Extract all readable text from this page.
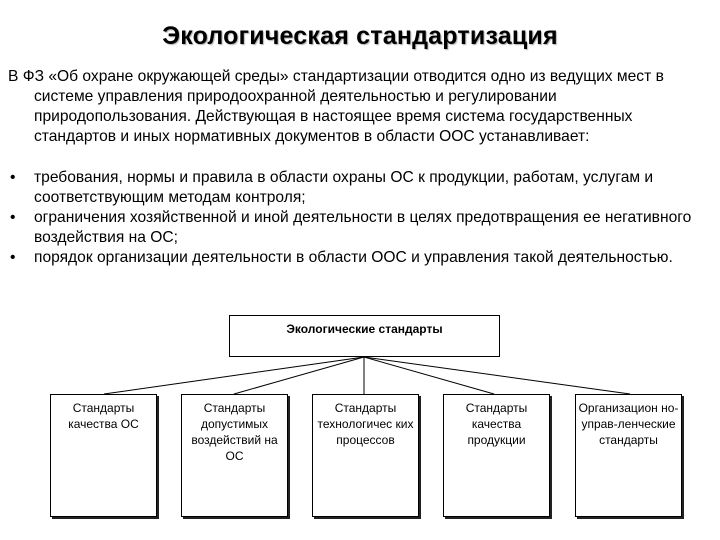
Экологическая стандартизация
В ФЗ «Об охране окружающей среды» стандартизации отводится одно из ведущих мест в системе управления природоохранной деятельностью и регулировании природопользования. Действующая в настоящее время система государственных стандартов и иных нормативных документов в области ООС устанавливает:
•	требования, нормы и правила в области охраны ОС к продукции, работам, услугам и соответствующим методам контроля;
•	ограничения хозяйственной и иной деятельности в целях предотвращения ее негативного воздействия на ОС;
•	порядок организации деятельности в области ООС и управления такой деятельностью.
Экологические стандарты
Стандарты качества ОС
Стандарты допустимых воздействий на ОС
Стандарты технологичес ких процессов
Стандарты качества продукции
Организацион но-управ-ленческие стандарты
